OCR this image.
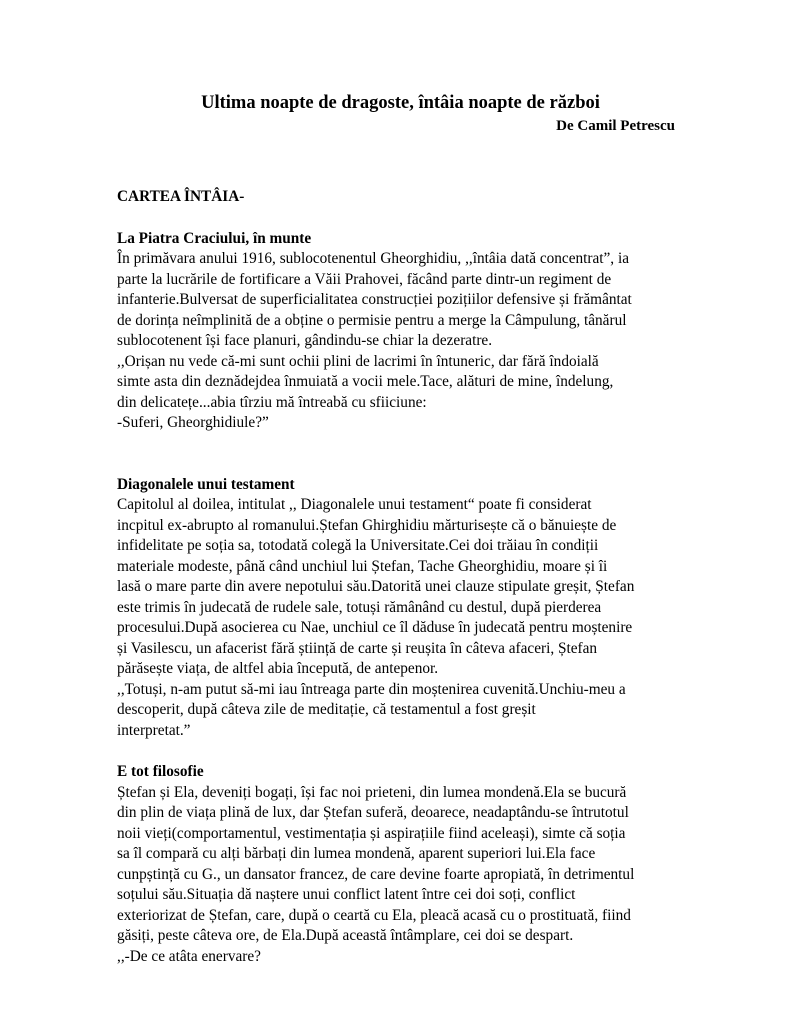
Ultima noapte de dragoste, întâia noapte de război
De Camil Petrescu
CARTEA ÎNTÂIA-
La Piatra Craciului, în munte
În primăvara anului 1916, sublocotenentul Gheorghidiu, ,,întâia dată concentrat”, ia
parte la lucrările de fortificare a Văii Prahovei, făcând parte dintr-un regiment de
infanterie.Bulversat de superficialitatea construcției pozițiilor defensive și frământat
de dorința neîmplinită de a obține o permisie pentru a merge la Câmpulung, tânărul
sublocotenent își face planuri, gândindu-se chiar la dezeratre.
,,Orișan nu vede că-mi sunt ochii plini de lacrimi în întuneric, dar fără îndoială
simte asta din deznădejdea înmuiată a vocii mele.Tace, alături de mine, îndelung,
din delicatețe...abia tîrziu mă întreabă cu sfiiciune:
-Suferi, Gheorghidiule?”
Diagonalele unui testament
Capitolul al doilea, intitulat ,, Diagonalele unui testament“ poate fi considerat
incpitul ex-abrupto al romanului.Ștefan Ghirghidiu mărturisește că o bănuiește de
infidelitate pe soția sa, totodată colegă la Universitate.Cei doi trăiau în condiții
materiale modeste, până când unchiul lui Ștefan, Tache Gheorghidiu, moare și îi
lasă o mare parte din avere nepotului său.Datorită unei clauze stipulate greșit, Ștefan
este trimis în judecată de rudele sale, totuși rămânând cu destul, după pierderea
procesului.După asocierea cu Nae, unchiul ce îl dăduse în judecată pentru moștenire
și Vasilescu, un afacerist fără știință de carte și reușita în câteva afaceri, Ștefan
părăsește viața, de altfel abia începută, de antepenor.
,,Totuși, n-am putut să-mi iau întreaga parte din moștenirea cuvenită.Unchiu-meu a
descoperit, după câteva zile de meditație, că testamentul a fost greșit
interpretat.”
E tot filosofie
Ștefan și Ela, deveniți bogați, își fac noi prieteni, din lumea mondenă.Ela se bucură
din plin de viața plină de lux, dar Ștefan suferă, deoarece, neadaptându-se întrutotul
noii vieți(comportamentul, vestimentația și aspirațiile fiind aceleași), simte că soția
sa îl compară cu alți bărbați din lumea mondenă, aparent superiori lui.Ela face
cunpștință cu G., un dansator francez, de care devine foarte apropiată, în detrimentul
soțului său.Situația dă naștere unui conflict latent între cei doi soți, conflict
exteriorizat de Ștefan, care, după o ceartă cu Ela, pleacă acasă cu o prostituată, fiind
găsiți, peste câteva ore, de Ela.După această întâmplare, cei doi se despart.
,,-De ce atâta enervare?
